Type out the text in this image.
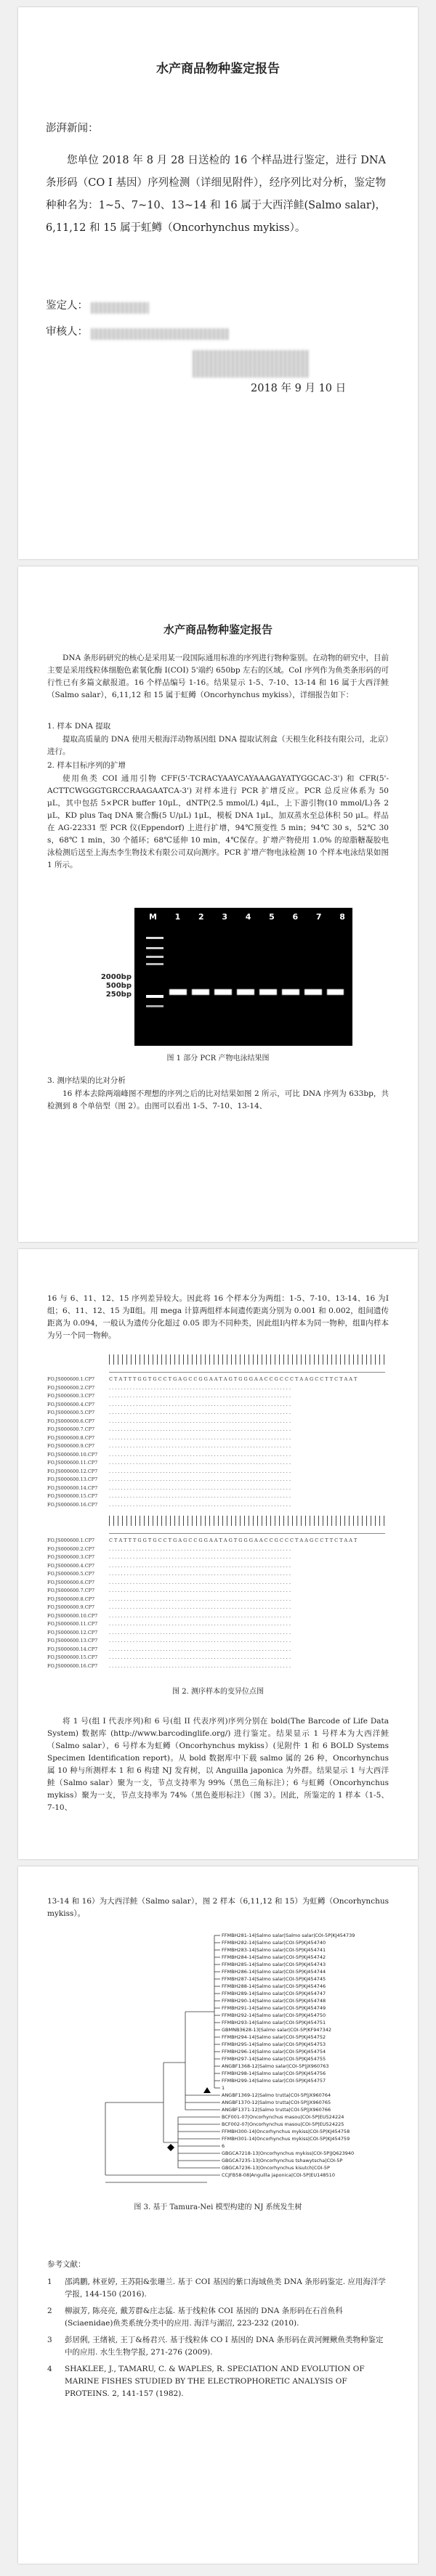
水产商品物种鉴定报告
澎湃新闻：
您单位 2018 年 8 月 28 日送检的 16 个样品进行鉴定，进行 DNA 条形码（CO I 基因）序列检测（详细见附件），经序列比对分析，鉴定物种种名为：1~5、7~10、13~14 和 16 属于大西洋鲑(Salmo salar)，6,11,12 和 15 属于虹鳟（Oncorhynchus mykiss）。
鉴定人：
审核人：
2018 年 9 月 10 日
水产商品物种鉴定报告
DNA 条形码研究的核心是采用某一段国际通用标准的序列进行物种鉴别。在动物的研究中，目前主要是采用线粒体细胞色素氧化酶 I(COI) 5'端约 650bp 左右的区域。CoI 序列作为鱼类条形码的可行性已有多篇文献报道。16 个样品编号 1-16。结果显示 1-5、7-10、13-14 和 16 属于大西洋鲑（Salmo salar），6,11,12 和 15 属于虹鳟（Oncorhynchus mykiss），详细报告如下：
1. 样本 DNA 提取
提取高质量的 DNA 使用天根海洋动物基因组 DNA 提取试剂盒（天根生化科技有限公司，北京）进行。
2. 样本目标序列的扩增
使用鱼类 COI 通用引物 CFF(5'-TCRACYAAYCAYAAAGAYATYGGCAC-3') 和 CFR(5'-ACTTCWGGGTGRCCRAAGAATCA-3') 对样本进行 PCR 扩增反应。PCR 总反应体系为 50 μL，其中包括 5×PCR buffer 10μL，dNTP(2.5 mmol/L) 4μL，上下游引物(10 mmol/L)各 2 μL，KD plus Taq DNA 聚合酶(5 U/μL) 1μL，模板 DNA 1μL，加双蒸水至总体积 50 μL。样品在 AG-22331 型 PCR 仪(Eppendorf) 上进行扩增，94℃预变性 5 min；94℃ 30 s，52℃ 30 s，68℃ 1 min，30 个循环；68℃延伸 10 min，4℃保存。扩增产物使用 1.0% 的琼脂糖凝胶电泳检测后送至上海杰李生物技术有限公司双向测序。PCR 扩增产物电泳检测 10 个样本电泳结果如图 1 所示。
M 1 2 3 4 5 6 7 8
2000bp
500bp
250bp
图 1 部分 PCR 产物电泳结果图
3. 测序结果的比对分析
16 样本去除两端峰图不理想的序列之后的比对结果如图 2 所示，可比 DNA 序列为 633bp，共检测到 8 个单倍型（图 2）。由图可以看出 1-5、7-10、13-14、
16 与 6、11、12、15 序列差异较大。因此将 16 个样本分为两组：1-5、7-10、13-14、16 为Ⅰ组；6、11、12、15 为Ⅱ组。用 mega 计算两组样本间遗传距离分别为 0.001 和 0.002，组间遗传距离为 0.094，一般认为遗传分化超过 0.05 即为不同种类，因此组Ⅰ内样本为同一物种，组Ⅱ内样本为另一个同一物种。
FO.JS000600.1.CP7	C T A T T T G G T G C C T G A G C C G G A A T A G T G G G A A C C G C C C T A A G C C T T C T A A T
FO.JS000600.2.CP7	. . . . . . . . . . . . . . . . . . . . . . . . . . . . . . . . . . . . . . . . . . . . . . . . . . . . . . . . . . . . .
FO.JS000600.3.CP7	. . . . . . . . . . . . . . . . . . . . . . . . . . . . . . . . . . . . . . . . . . . . . . . . . . . . . . . . . . . . .
FO.JS000600.4.CP7	. . . . . . . . . . . . . . . . . . . . . . . . . . . . . . . . . . . . . . . . . . . . . . . . . . . . . . . . . . . . .
FO.JS000600.5.CP7	. . . . . . . . . . . . . . . . . . . . . . . . . . . . . . . . . . . . . . . . . . . . . . . . . . . . . . . . . . . . .
FO.JS000600.6.CP7	. . . . . . . . . . . . . . . . . . . . . . . . . . . . . . . . . . . . . . . . . . . . . . . . . . . . . . . . . . . . .
FO.JS000600.7.CP7	. . . . . . . . . . . . . . . . . . . . . . . . . . . . . . . . . . . . . . . . . . . . . . . . . . . . . . . . . . . . .
FO.JS000600.8.CP7	. . . . . . . . . . . . . . . . . . . . . . . . . . . . . . . . . . . . . . . . . . . . . . . . . . . . . . . . . . . . .
FO.JS000600.9.CP7	. . . . . . . . . . . . . . . . . . . . . . . . . . . . . . . . . . . . . . . . . . . . . . . . . . . . . . . . . . . . .
FO.JS000600.10.CP7	. . . . . . . . . . . . . . . . . . . . . . . . . . . . . . . . . . . . . . . . . . . . . . . . . . . . . . . . . . . . .
FO.JS000600.11.CP7	. . . . . . . . . . . . . . . . . . . . . . . . . . . . . . . . . . . . . . . . . . . . . . . . . . . . . . . . . . . . .
FO.JS000600.12.CP7	. . . . . . . . . . . . . . . . . . . . . . . . . . . . . . . . . . . . . . . . . . . . . . . . . . . . . . . . . . . . .
FO.JS000600.13.CP7	. . . . . . . . . . . . . . . . . . . . . . . . . . . . . . . . . . . . . . . . . . . . . . . . . . . . . . . . . . . . .
FO.JS000600.14.CP7	. . . . . . . . . . . . . . . . . . . . . . . . . . . . . . . . . . . . . . . . . . . . . . . . . . . . . . . . . . . . .
FO.JS000600.15.CP7	. . . . . . . . . . . . . . . . . . . . . . . . . . . . . . . . . . . . . . . . . . . . . . . . . . . . . . . . . . . . .
FO.JS000600.16.CP7	. . . . . . . . . . . . . . . . . . . . . . . . . . . . . . . . . . . . . . . . . . . . . . . . . . . . . . . . . . . . .
FO.JS000600.1.CP7	C T A T T T G G T G C C T G A G C C G G A A T A G T G G G A A C C G C C C T A A G C C T T C T A A T
FO.JS000600.2.CP7	. . . . . . . . . . . . . . . . . . . . . . . . . . . . . . . . . . . . . . . . . . . . . . . . . . . . . . . . . . . . .
FO.JS000600.3.CP7	. . . . . . . . . . . . . . . . . . . . . . . . . . . . . . . . . . . . . . . . . . . . . . . . . . . . . . . . . . . . .
FO.JS000600.4.CP7	. . . . . . . . . . . . . . . . . . . . . . . . . . . . . . . . . . . . . . . . . . . . . . . . . . . . . . . . . . . . .
FO.JS000600.5.CP7	. . . . . . . . . . . . . . . . . . . . . . . . . . . . . . . . . . . . . . . . . . . . . . . . . . . . . . . . . . . . .
FO.JS000600.6.CP7	. . . . . . . . . . . . . . . . . . . . . . . . . . . . . . . . . . . . . . . . . . . . . . . . . . . . . . . . . . . . .
FO.JS000600.7.CP7	. . . . . . . . . . . . . . . . . . . . . . . . . . . . . . . . . . . . . . . . . . . . . . . . . . . . . . . . . . . . .
FO.JS000600.8.CP7	. . . . . . . . . . . . . . . . . . . . . . . . . . . . . . . . . . . . . . . . . . . . . . . . . . . . . . . . . . . . .
FO.JS000600.9.CP7	. . . . . . . . . . . . . . . . . . . . . . . . . . . . . . . . . . . . . . . . . . . . . . . . . . . . . . . . . . . . .
FO.JS000600.10.CP7	. . . . . . . . . . . . . . . . . . . . . . . . . . . . . . . . . . . . . . . . . . . . . . . . . . . . . . . . . . . . .
FO.JS000600.11.CP7	. . . . . . . . . . . . . . . . . . . . . . . . . . . . . . . . . . . . . . . . . . . . . . . . . . . . . . . . . . . . .
FO.JS000600.12.CP7	. . . . . . . . . . . . . . . . . . . . . . . . . . . . . . . . . . . . . . . . . . . . . . . . . . . . . . . . . . . . .
FO.JS000600.13.CP7	. . . . . . . . . . . . . . . . . . . . . . . . . . . . . . . . . . . . . . . . . . . . . . . . . . . . . . . . . . . . .
FO.JS000600.14.CP7	. . . . . . . . . . . . . . . . . . . . . . . . . . . . . . . . . . . . . . . . . . . . . . . . . . . . . . . . . . . . .
FO.JS000600.15.CP7	. . . . . . . . . . . . . . . . . . . . . . . . . . . . . . . . . . . . . . . . . . . . . . . . . . . . . . . . . . . . .
FO.JS000600.16.CP7	. . . . . . . . . . . . . . . . . . . . . . . . . . . . . . . . . . . . . . . . . . . . . . . . . . . . . . . . . . . . .
图 2. 测序样本的变异位点图
将 1 号(组 I 代表序列)和 6 号(组 II 代表序列)序列分别在 bold(The Barcode of Life Data System) 数据库 (http://www.barcodinglife.org/) 进行鉴定。结果显示 1 号样本为大西洋鲑（Salmo salar），6 号样本为虹鳟（Oncorhynchus mykiss）(见附件 1 和 6 BOLD Systems Specimen Identification report)。从 bold 数据库中下载 salmo 属的 26 种，Oncorhynchus 属 10 种与所测样本 1 和 6 构建 NJ 发育树，以 Anguilla japonica 为外群。结果显示 1 与大西洋鲑（Salmo salar）聚为一支，节点支持率为 99%（黑色三角标注）；6 与虹鳟（Oncorhynchus mykiss）聚为一支，节点支持率为 74%（黑色菱形标注）（图 3）。因此，所鉴定的 1 样本（1-5、7-10、
13-14 和 16）为大西洋鲑（Salmo salar），图 2 样本（6,11,12 和 15）为虹鳟（Oncorhynchus mykiss）。
FFMBH281-14|Salmo salar|Salmo salar|COI-5P|KJ454739
FFMBH282-14|Salmo salar|COI-5P|KJ454740
FFMBH283-14|Salmo salar|COI-5P|KJ454741
FFMBH284-14|Salmo salar|COI-5P|KJ454742
FFMBH285-14|Salmo salar|COI-5P|KJ454743
FFMBH286-14|Salmo salar|COI-5P|KJ454744
FFMBH287-14|Salmo salar|COI-5P|KJ454745
FFMBH288-14|Salmo salar|COI-5P|KJ454746
FFMBH289-14|Salmo salar|COI-5P|KJ454747
FFMBH290-14|Salmo salar|COI-5P|KJ454748
FFMBH291-14|Salmo salar|COI-5P|KJ454749
FFMBH292-14|Salmo salar|COI-5P|KJ454750
FFMBH293-14|Salmo salar|COI-5P|KJ454751
GBMNB3628-13|Salmo salar|COI-5P|KF947342
FFMBH294-14|Salmo salar|COI-5P|KJ454752
FFMBH295-14|Salmo salar|COI-5P|KJ454753
FFMBH296-14|Salmo salar|COI-5P|KJ454754
FFMBH297-14|Salmo salar|COI-5P|KJ454755
ANGBF1368-12|Salmo salar|COI-5P|JX960763
FFMBH298-14|Salmo salar|COI-5P|KJ454756
FFMBH299-14|Salmo salar|COI-5P|KJ454757
1
ANGBF1369-12|Salmo trutta|COI-5P|JX960764
ANGBF1370-12|Salmo trutta|COI-5P|JX960765
ANGBF1371-12|Salmo trutta|COI-5P|JX960766
BCF001-07|Oncorhynchus masou|COI-5P|EU524224
BCF002-07|Oncorhynchus masou|COI-5P|EU524225
FFMBH300-14|Oncorhynchus mykiss|COI-5P|KJ454758
FFMBH301-14|Oncorhynchus mykiss|COI-5P|KJ454759
6
GBGCA7218-13|Oncorhynchus mykiss|COI-5P|JQ623940
GBGCA7235-13|Oncorhynchus tshawytscha|COI-5P
GBGCA7236-13|Oncorhynchus kisutch|COI-5P
CCJFB58-08|Anguilla japonica|COI-5P|EU148510
图 3. 基于 Tamura-Nei 模型构建的 NJ 系统发生树
参考文献：
1	邵鸿鹏, 林亚婷, 王苏阳&张珊兰. 基于 COI 基因的紫口海域鱼类 DNA 条形码鉴定. 应用海洋学学报, 144-150 (2016).
2	柳淑芳, 陈亮亮, 戴芳群&庄志猛. 基于线粒体 COI 基因的 DNA 条形码在石首鱼科(Sciaenidae)鱼类系统分类中的应用. 海洋与湖沼, 223-232 (2010).
3	彭居俐, 王绪祯, 王丁&杨君兴. 基于线粒体 CO I 基因的 DNA 条形码在黄河鲤鳅鱼类物种鉴定中的应用. 水生生物学报, 271-276 (2009).
4	SHAKLEE, J., TAMARU, C. & WAPLES, R. SPECIATION AND EVOLUTION OF MARINE FISHES STUDIED BY THE ELECTROPHORETIC ANALYSIS OF PROTEINS. 2, 141-157 (1982).
